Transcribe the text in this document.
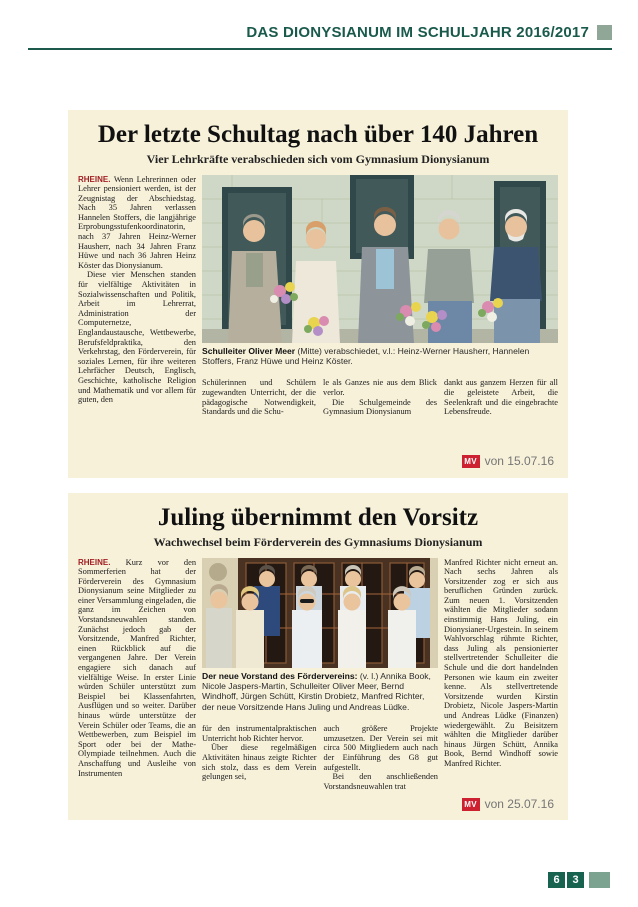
DAS DIONYSIANUM IM SCHULJAHR 2016/2017
Der letzte Schultag nach über 140 Jahren
Vier Lehrkräfte verabschieden sich vom Gymnasium Dionysianum

RHEINE. Wenn Lehrerinnen oder Lehrer pensioniert werden, ist der Zeugnistag der Abschiedstag. Nach 35 Jahren verlassen Hannelen Stoffers, die langjährige Erprobungsstufenkoordinatorin, nach 37 Jahren Heinz-Werner Hausherr, nach 34 Jahren Franz Hüwe und nach 36 Jahren Heinz Köster das Dionysianum.

Diese vier Menschen standen für vielfältige Aktivitäten in Sozialwissenschaften und Politik, Arbeit im Lehrerrat, Administration der Computernetze, Englandaustausche, Wettbewerbe, Berufsfeldpraktika, den Verkehrstag, den Förderverein, für soziales Lernen, für ihre weiteren Lehrfächer Deutsch, Englisch, Geschichte, katholische Religion und Mathematik und vor allem für guten, den

Schulleiter Oliver Meer (Mitte) verabschiedet, v.l.: Heinz-Werner Hausherr, Hannelen Stoffers, Franz Hüwe und Heinz Köster.

Schülerinnen und Schülern zugewandten Unterricht, der die pädagogische Notwendigkeit, Standards und die Schu-

le als Ganzes nie aus dem Blick verlor.

Die Schulgemeinde des Gymnasium Dionysianum

dankt aus ganzem Herzen für all die geleistete Arbeit, die Seelenkraft und die eingebrachte Lebensfreude.

MV von 15.07.16
Juling übernimmt den Vorsitz
Wachwechsel beim Förderverein des Gymnasiums Dionysianum

RHEINE. Kurz vor den Sommerferien hat der Förderverein des Gymnasium Dionysianum seine Mitglieder zu einer Versammlung eingeladen, die ganz im Zeichen von Vorstandsneuwahlen standen. Zunächst jedoch gab der Vorsitzende, Manfred Richter, einen Rückblick auf die vergangenen Jahre. Der Verein engagiere sich danach auf vielfältige Weise. In erster Linie würden Schüler unterstützt zum Beispiel bei Klassenfahrten, Ausflügen und so weiter. Darüber hinaus würde unterstütze der Verein Schüler oder Teams, die an Wettbewerben, zum Beispiel im Sport oder bei der Mathe-Olympiade teilnehmen. Auch die Anschaffung und Ausleihe von Instrumenten

Der neue Vorstand des Fördervereins: (v. l.) Annika Book, Nicole Jaspers-Martin, Schulleiter Oliver Meer, Bernd Windhoff, Jürgen Schütt, Kirstin Drobietz, Manfred Richter, der neue Vorsitzende Hans Juling und Andreas Lüdke.

für den instrumentalpraktischen Unterricht hob Richter hervor.

Über diese regelmäßigen Aktivitäten hinaus zeigte Richter sich stolz, dass es dem Verein gelungen sei,

auch größere Projekte umzusetzen. Der Verein sei mit circa 500 Mitgliedern auch nach der Einführung des G8 gut aufgestellt.

Bei den anschließenden Vorstandsneuwahlen trat

Manfred Richter nicht erneut an. Nach sechs Jahren als Vorsitzender zog er sich aus beruflichen Gründen zurück. Zum neuen 1. Vorsitzenden wählten die Mitglieder sodann einstimmig Hans Juling, ein Dionysianer-Urgestein. In seinem Wahlvorschlag rühmte Richter, dass Juling als pensionierter stellvertretender Schulleiter die Schule und die dort handelnden Personen wie kaum ein zweiter kenne. Als stellvertretende Vorsitzende wurden Kirstin Drobietz, Nicole Jaspers-Martin und Andreas Lüdke (Finanzen) wiedergewählt. Zu Beisitzern wählten die Mitglieder darüber hinaus Jürgen Schütt, Annika Book, Bernd Windhoff sowie Manfred Richter.

MV von 25.07.16
6	3
